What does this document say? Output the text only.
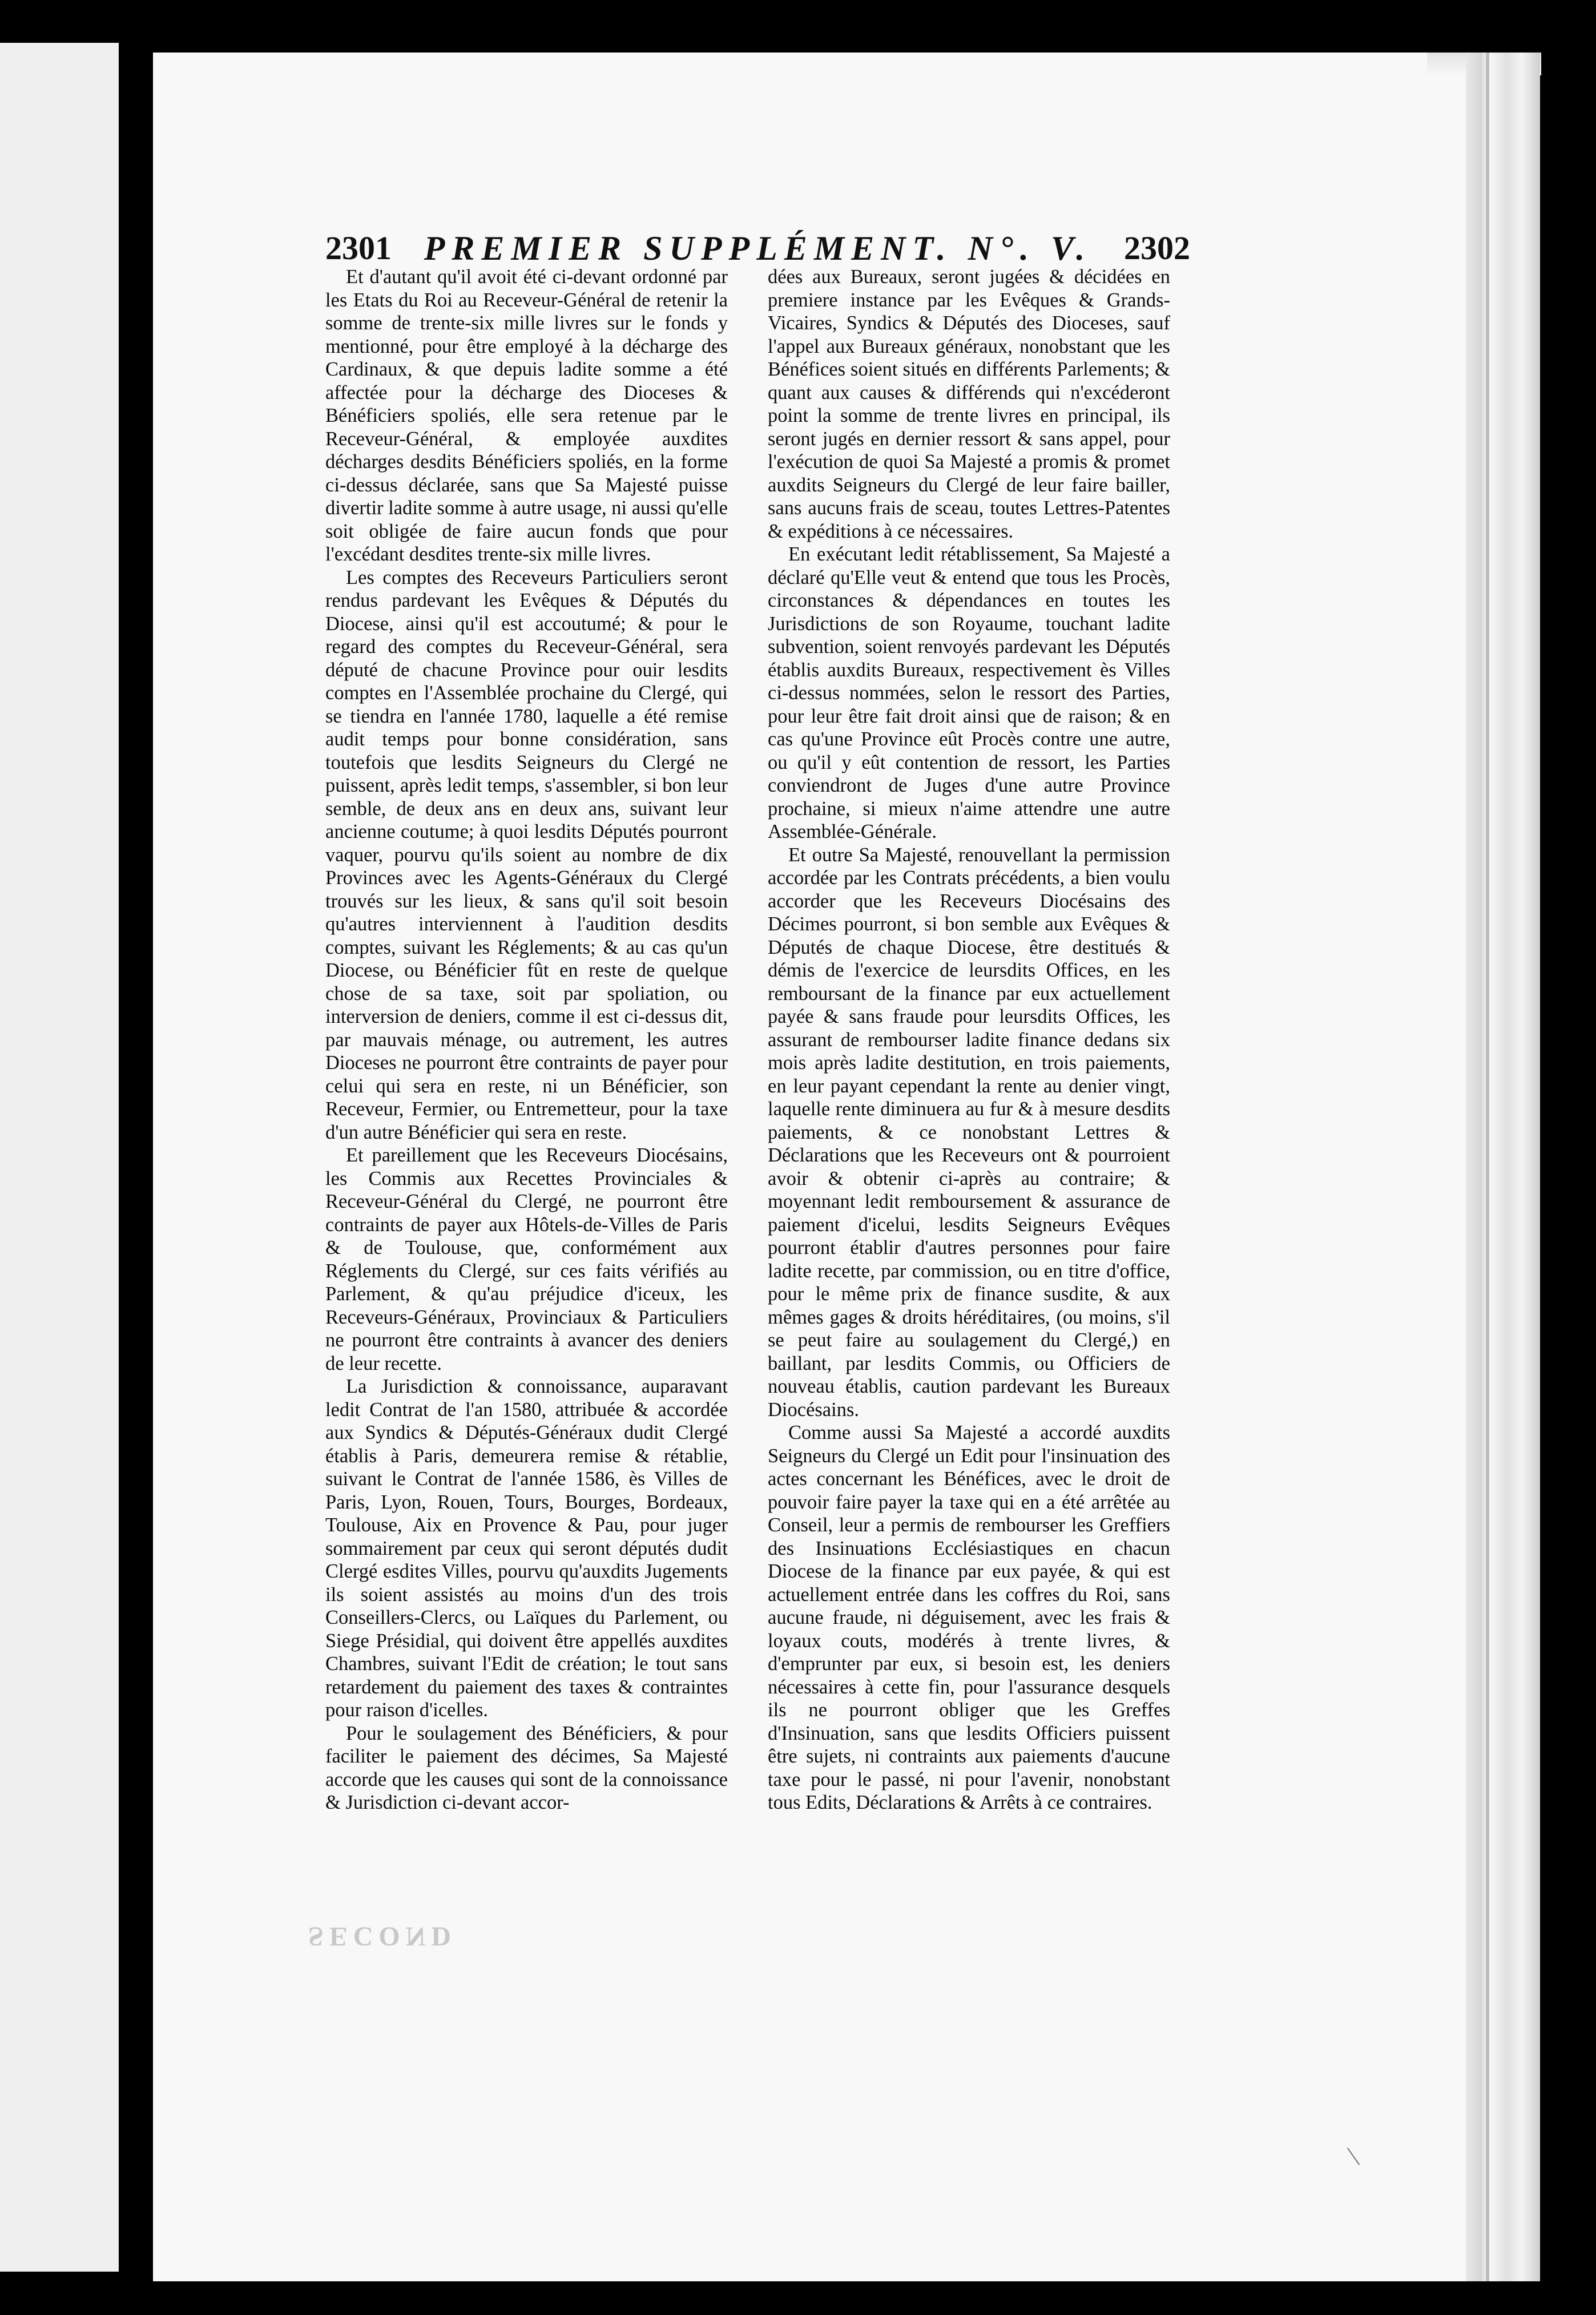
2301 PREMIER SUPPLÉMENT. N°. V. 2302

Et d'autant qu'il avoit été ci-devant ordonné par les Etats du Roi au Receveur-Général de retenir la somme de trente-six mille livres sur le fonds y mentionné, pour être employé à la décharge des Cardinaux, & que depuis ladite somme a été affectée pour la décharge des Dioceses & Bénéficiers spoliés, elle sera retenue par le Receveur-Général, & employée auxdites décharges desdits Bénéficiers spoliés, en la forme ci-dessus déclarée, sans que Sa Majesté puisse divertir ladite somme à autre usage, ni aussi qu'elle soit obligée de faire aucun fonds que pour l'excédant desdites trente-six mille livres.

Les comptes des Receveurs Particuliers seront rendus pardevant les Evêques & Députés du Diocese, ainsi qu'il est accoutumé; & pour le regard des comptes du Receveur-Général, sera député de chacune Province pour ouir lesdits comptes en l'Assemblée prochaine du Clergé, qui se tiendra en l'année 1780, laquelle a été remise audit temps pour bonne considération, sans toutefois que lesdits Seigneurs du Clergé ne puissent, après ledit temps, s'assembler, si bon leur semble, de deux ans en deux ans, suivant leur ancienne coutume; à quoi lesdits Députés pourront vaquer, pourvu qu'ils soient au nombre de dix Provinces avec les Agents-Généraux du Clergé trouvés sur les lieux, & sans qu'il soit besoin qu'autres interviennent à l'audition desdits comptes, suivant les Réglements; & au cas qu'un Diocese, ou Bénéficier fût en reste de quelque chose de sa taxe, soit par spoliation, ou interversion de deniers, comme il est ci-dessus dit, par mauvais ménage, ou autrement, les autres Dioceses ne pourront être contraints de payer pour celui qui sera en reste, ni un Bénéficier, son Receveur, Fermier, ou Entremetteur, pour la taxe d'un autre Bénéficier qui sera en reste.

Et pareillement que les Receveurs Diocésains, les Commis aux Recettes Provinciales & Receveur-Général du Clergé, ne pourront être contraints de payer aux Hôtels-de-Villes de Paris & de Toulouse, que, conformément aux Réglements du Clergé, sur ces faits vérifiés au Parlement, & qu'au préjudice d'iceux, les Receveurs-Généraux, Provinciaux & Particuliers ne pourront être contraints à avancer des deniers de leur recette.

La Jurisdiction & connoissance, auparavant ledit Contrat de l'an 1580, attribuée & accordée aux Syndics & Députés-Généraux dudit Clergé établis à Paris, demeurera remise & rétablie, suivant le Contrat de l'année 1586, ès Villes de Paris, Lyon, Rouen, Tours, Bourges, Bordeaux, Toulouse, Aix en Provence & Pau, pour juger sommairement par ceux qui seront députés dudit Clergé esdites Villes, pourvu qu'auxdits Jugements ils soient assistés au moins d'un des trois Conseillers-Clercs, ou Laïques du Parlement, ou Siege Présidial, qui doivent être appellés auxdites Chambres, suivant l'Edit de création; le tout sans retardement du paiement des taxes & contraintes pour raison d'icelles.

Pour le soulagement des Bénéficiers, & pour faciliter le paiement des décimes, Sa Majesté accorde que les causes qui sont de la connoissance & Jurisdiction ci-devant accor-

dées aux Bureaux, seront jugées & décidées en premiere instance par les Evêques & Grands-Vicaires, Syndics & Députés des Dioceses, sauf l'appel aux Bureaux généraux, nonobstant que les Bénéfices soient situés en différents Parlements; & quant aux causes & différends qui n'excéderont point la somme de trente livres en principal, ils seront jugés en dernier ressort & sans appel, pour l'exécution de quoi Sa Majesté a promis & promet auxdits Seigneurs du Clergé de leur faire bailler, sans aucuns frais de sceau, toutes Lettres-Patentes & expéditions à ce nécessaires.

En exécutant ledit rétablissement, Sa Majesté a déclaré qu'Elle veut & entend que tous les Procès, circonstances & dépendances en toutes les Jurisdictions de son Royaume, touchant ladite subvention, soient renvoyés pardevant les Députés établis auxdits Bureaux, respectivement ès Villes ci-dessus nommées, selon le ressort des Parties, pour leur être fait droit ainsi que de raison; & en cas qu'une Province eût Procès contre une autre, ou qu'il y eût contention de ressort, les Parties conviendront de Juges d'une autre Province prochaine, si mieux n'aime attendre une autre Assemblée-Générale.

Et outre Sa Majesté, renouvellant la permission accordée par les Contrats précédents, a bien voulu accorder que les Receveurs Diocésains des Décimes pourront, si bon semble aux Evêques & Députés de chaque Diocese, être destitués & démis de l'exercice de leursdits Offices, en les remboursant de la finance par eux actuellement payée & sans fraude pour leursdits Offices, les assurant de rembourser ladite finance dedans six mois après ladite destitution, en trois paiements, en leur payant cependant la rente au denier vingt, laquelle rente diminuera au fur & à mesure desdits paiements, & ce nonobstant Lettres & Déclarations que les Receveurs ont & pourroient avoir & obtenir ci-après au contraire; & moyennant ledit remboursement & assurance de paiement d'icelui, lesdits Seigneurs Evêques pourront établir d'autres personnes pour faire ladite recette, par commission, ou en titre d'office, pour le même prix de finance susdite, & aux mêmes gages & droits héréditaires, (ou moins, s'il se peut faire au soulagement du Clergé,) en baillant, par lesdits Commis, ou Officiers de nouveau établis, caution pardevant les Bureaux Diocésains.

Comme aussi Sa Majesté a accordé auxdits Seigneurs du Clergé un Edit pour l'insinuation des actes concernant les Bénéfices, avec le droit de pouvoir faire payer la taxe qui en a été arrêtée au Conseil, leur a permis de rembourser les Greffiers des Insinuations Ecclésiastiques en chacun Diocese de la finance par eux payée, & qui est actuellement entrée dans les coffres du Roi, sans aucune fraude, ni déguisement, avec les frais & loyaux couts, modérés à trente livres, & d'emprunter par eux, si besoin est, les deniers nécessaires à cette fin, pour l'assurance desquels ils ne pourront obliger que les Greffes d'Insinuation, sans que lesdits Officiers puissent être sujets, ni contraints aux paiements d'aucune taxe pour le passé, ni pour l'avenir, nonobstant tous Edits, Déclarations & Arrêts à ce contraires.

SECOND
